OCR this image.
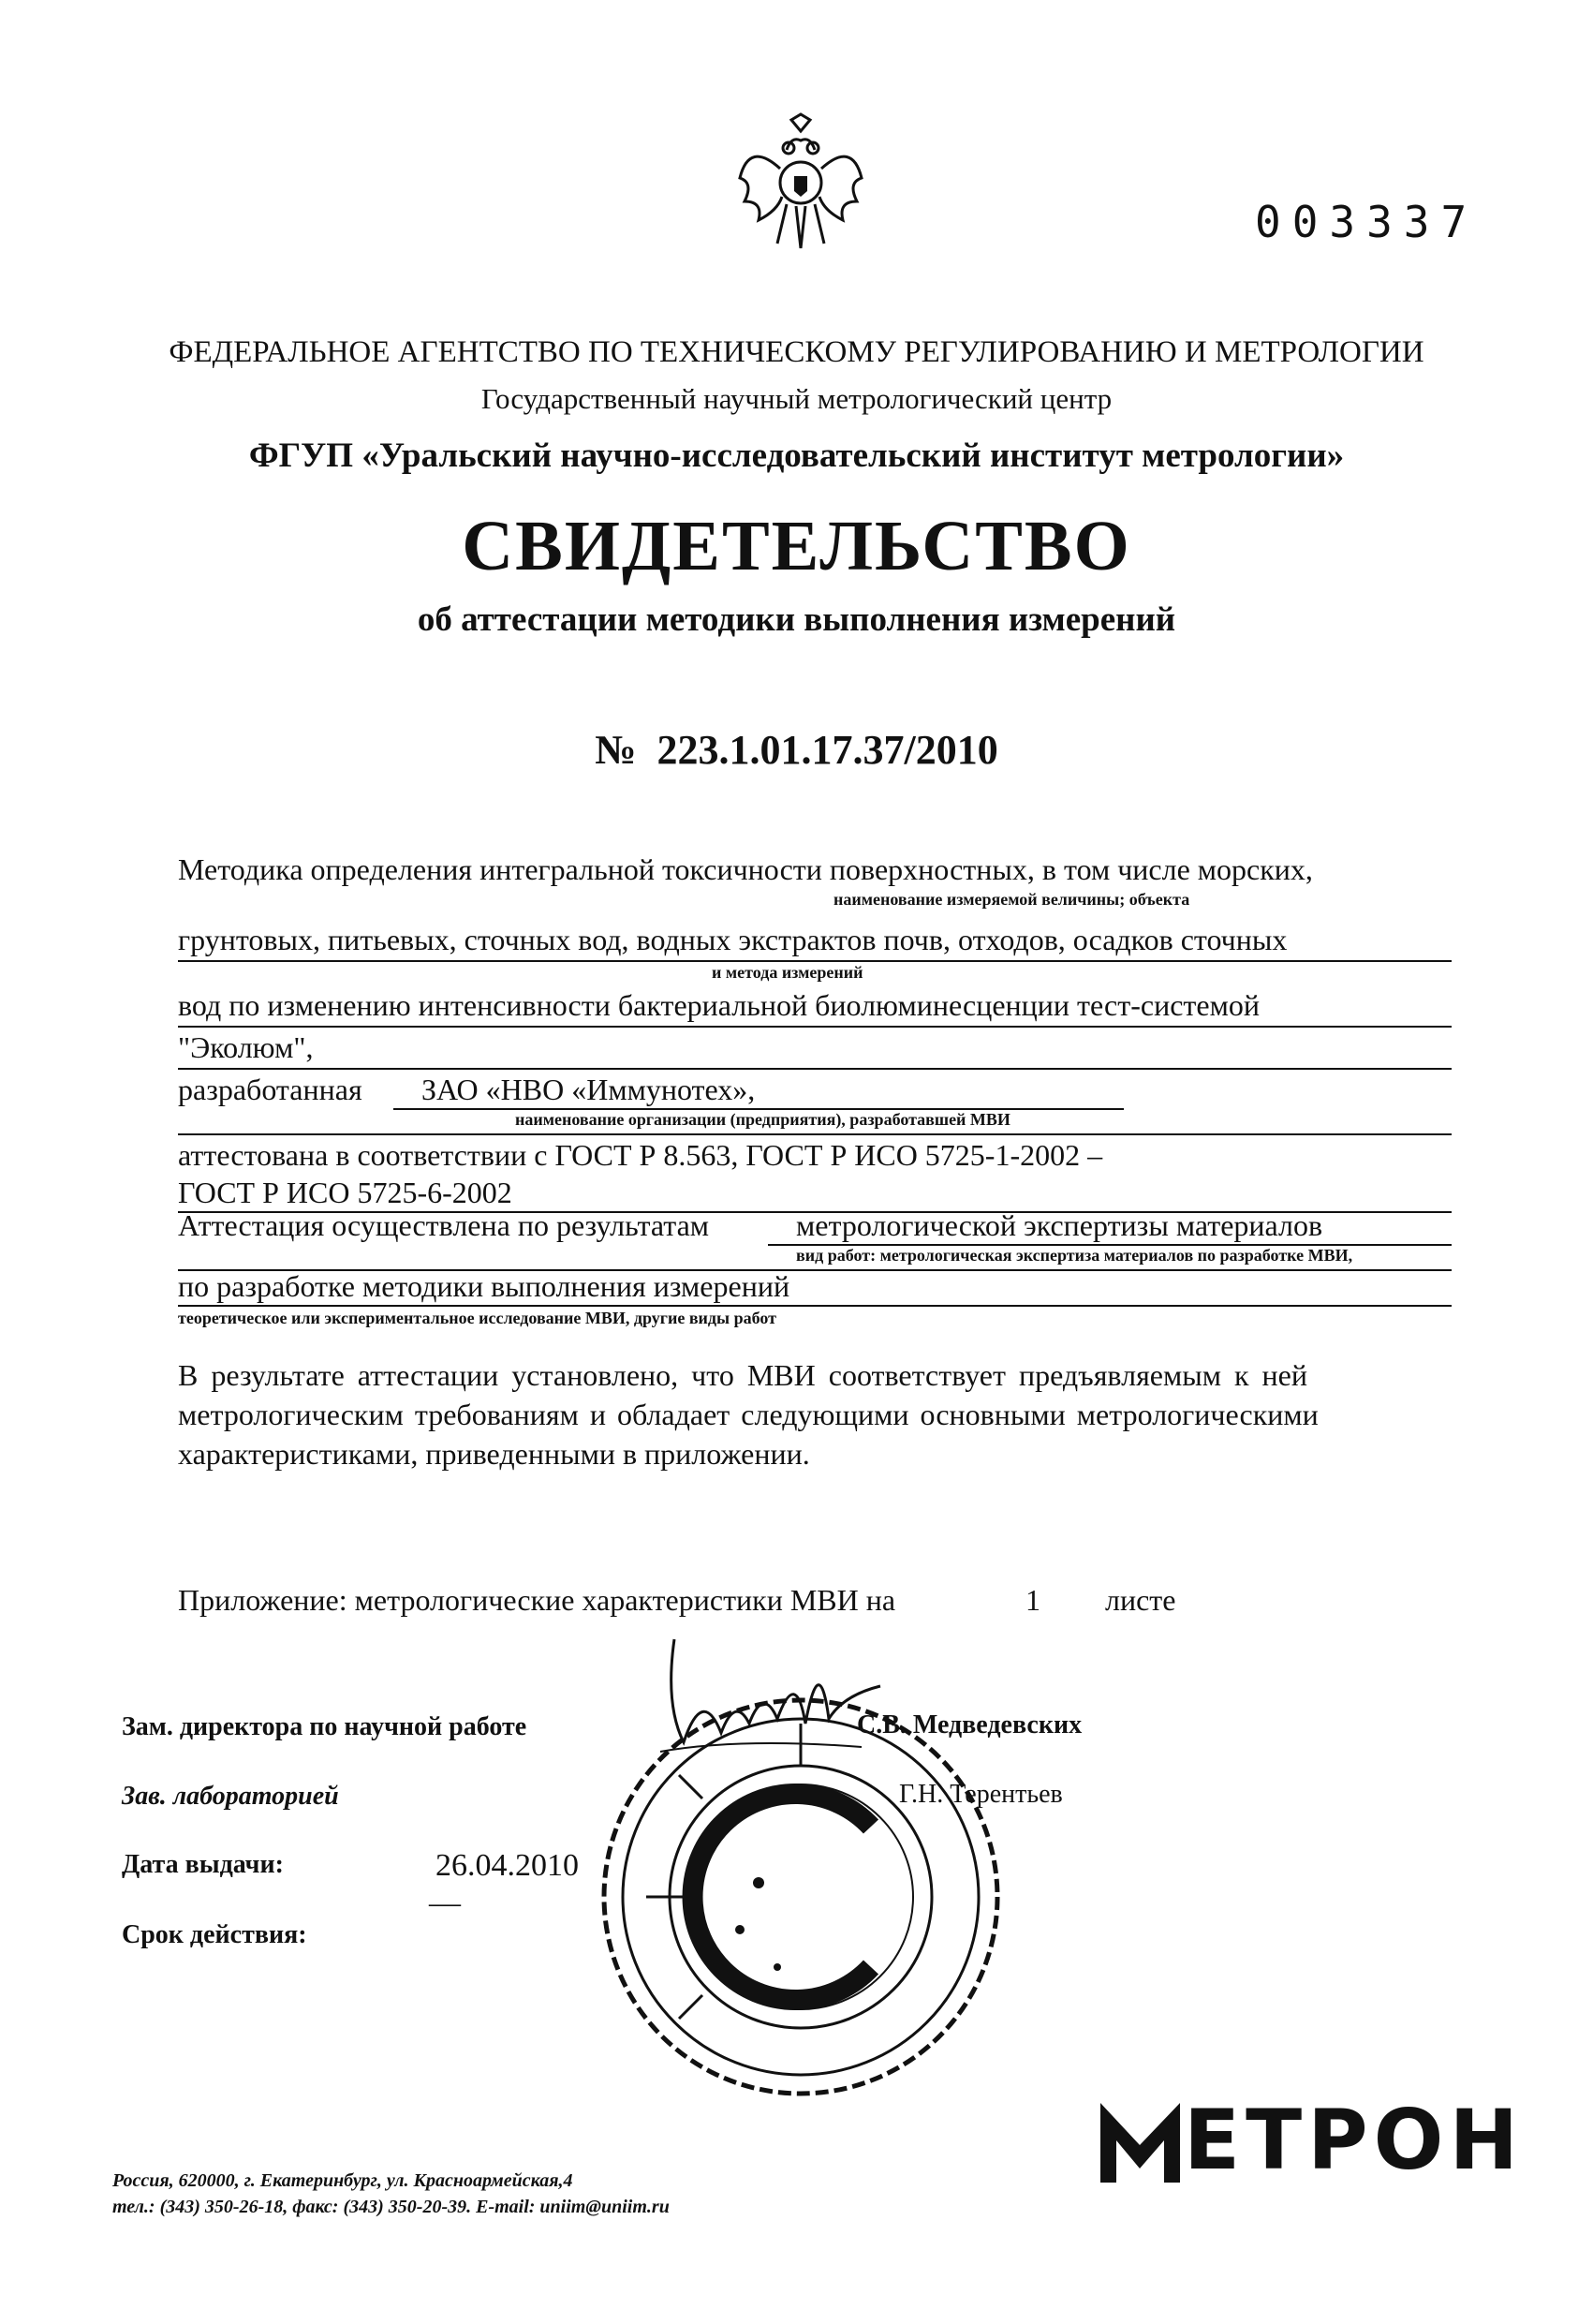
003337
ФЕДЕРАЛЬНОЕ АГЕНТСТВО ПО ТЕХНИЧЕСКОМУ РЕГУЛИРОВАНИЮ И МЕТРОЛОГИИ
Государственный научный метрологический центр
ФГУП «Уральский научно-исследовательский институт метрологии»
СВИДЕТЕЛЬСТВО
об аттестации методики выполнения измерений
№ 223.1.01.17.37/2010
Методика определения интегральной токсичности поверхностных, в том числе морских,
наименование измеряемой величины; объекта
грунтовых, питьевых, сточных вод, водных экстрактов почв, отходов, осадков сточных
и метода измерений
вод по изменению интенсивности бактериальной биолюминесценции тест-системой
"Эколюм",
разработанная ЗАО «НВО «Иммунотех»,
наименование организации (предприятия), разработавшей МВИ
аттестована в соответствии с ГОСТ Р 8.563, ГОСТ Р ИСО 5725-1-2002 –
ГОСТ Р ИСО 5725-6-2002
Аттестация осуществлена по результатам	метрологической экспертизы материалов
вид работ: метрологическая экспертиза материалов по разработке МВИ,
по разработке методики выполнения измерений
теоретическое или экспериментальное исследование МВИ, другие виды работ
В результате аттестации установлено, что МВИ соответствует предъявляемым к ней
метрологическим требованиям и обладает следующими основными метрологическими
характеристиками, приведенными в приложении.
Приложение: метрологические характеристики МВИ на	1 листе
Зам. директора по научной работе	С.В. Медведевских
Зав. лабораторией	Г.Н. Терентьев
Дата выдачи:	26.04.2010
Срок действия:
—
Россия, 620000, г. Екатеринбург, ул. Красноармейская,4
тел.: (343) 350-26-18, факс: (343) 350-20-39. E-mail: uniim@uniim.ru
ЕТРОН
